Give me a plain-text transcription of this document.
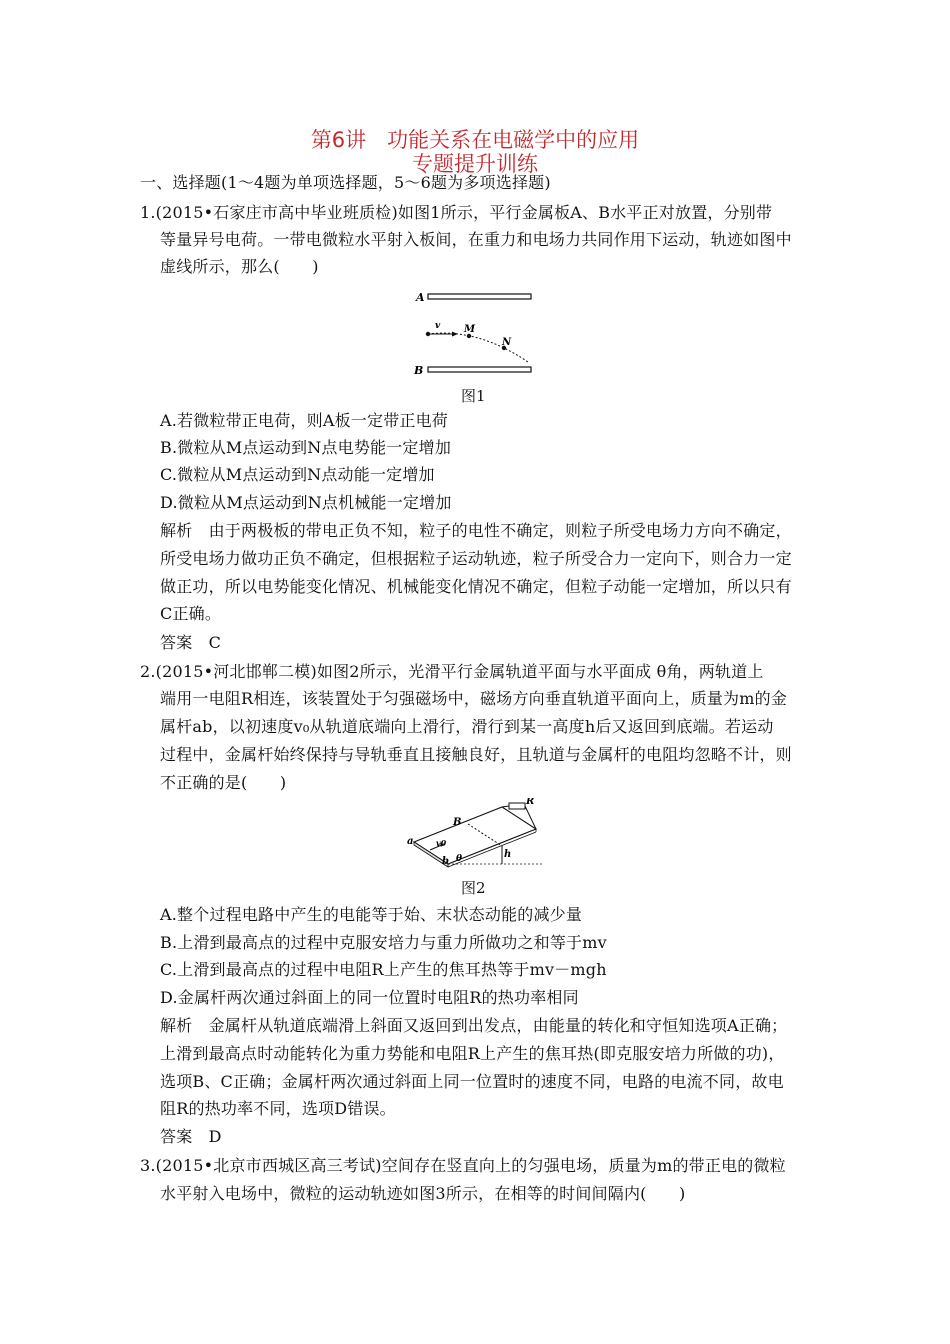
第6讲　功能关系在电磁学中的应用
专题提升训练
一、选择题(1～4题为单项选择题，5～6题为多项选择题)
1.(2015•石家庄市高中毕业班质检)如图1所示，平行金属板A、B水平正对放置，分别带
等量异号电荷。一带电微粒水平射入板间，在重力和电场力共同作用下运动，轨迹如图中
虚线所示，那么(　　)
A
B
v M
N
图1
A.若微粒带正电荷，则A板一定带正电荷
B.微粒从M点运动到N点电势能一定增加
C.微粒从M点运动到N点动能一定增加
D.微粒从M点运动到N点机械能一定增加
解析　由于两极板的带电正负不知，粒子的电性不确定，则粒子所受电场力方向不确定，
所受电场力做功正负不确定，但根据粒子运动轨迹，粒子所受合力一定向下，则合力一定
做正功，所以电势能变化情况、机械能变化情况不确定，但粒子动能一定增加，所以只有
C正确。
答案　C
2.(2015•河北邯郸二模)如图2所示，光滑平行金属轨道平面与水平面成 θ角，两轨道上
端用一电阻R相连，该装置处于匀强磁场中，磁场方向垂直轨道平面向上，质量为m的金
属杆ab，以初速度v₀从轨道底端向上滑行，滑行到某一高度h后又返回到底端。若运动
过程中，金属杆始终保持与导轨垂直且接触良好，且轨道与金属杆的电阻均忽略不计，则
不正确的是(　　)
R
B
a
b
v0
h
θ
图2
A.整个过程电路中产生的电能等于始、末状态动能的减少量
B.上滑到最高点的过程中克服安培力与重力所做功之和等于mv
C.上滑到最高点的过程中电阻R上产生的焦耳热等于mv－mgh
D.金属杆两次通过斜面上的同一位置时电阻R的热功率相同
解析　金属杆从轨道底端滑上斜面又返回到出发点，由能量的转化和守恒知选项A正确；
上滑到最高点时动能转化为重力势能和电阻R上产生的焦耳热(即克服安培力所做的功)，
选项B、C正确；金属杆两次通过斜面上同一位置时的速度不同，电路的电流不同，故电
阻R的热功率不同，选项D错误。
答案　D
3.(2015•北京市西城区高三考试)空间存在竖直向上的匀强电场，质量为m的带正电的微粒
水平射入电场中，微粒的运动轨迹如图3所示，在相等的时间间隔内(　　)
